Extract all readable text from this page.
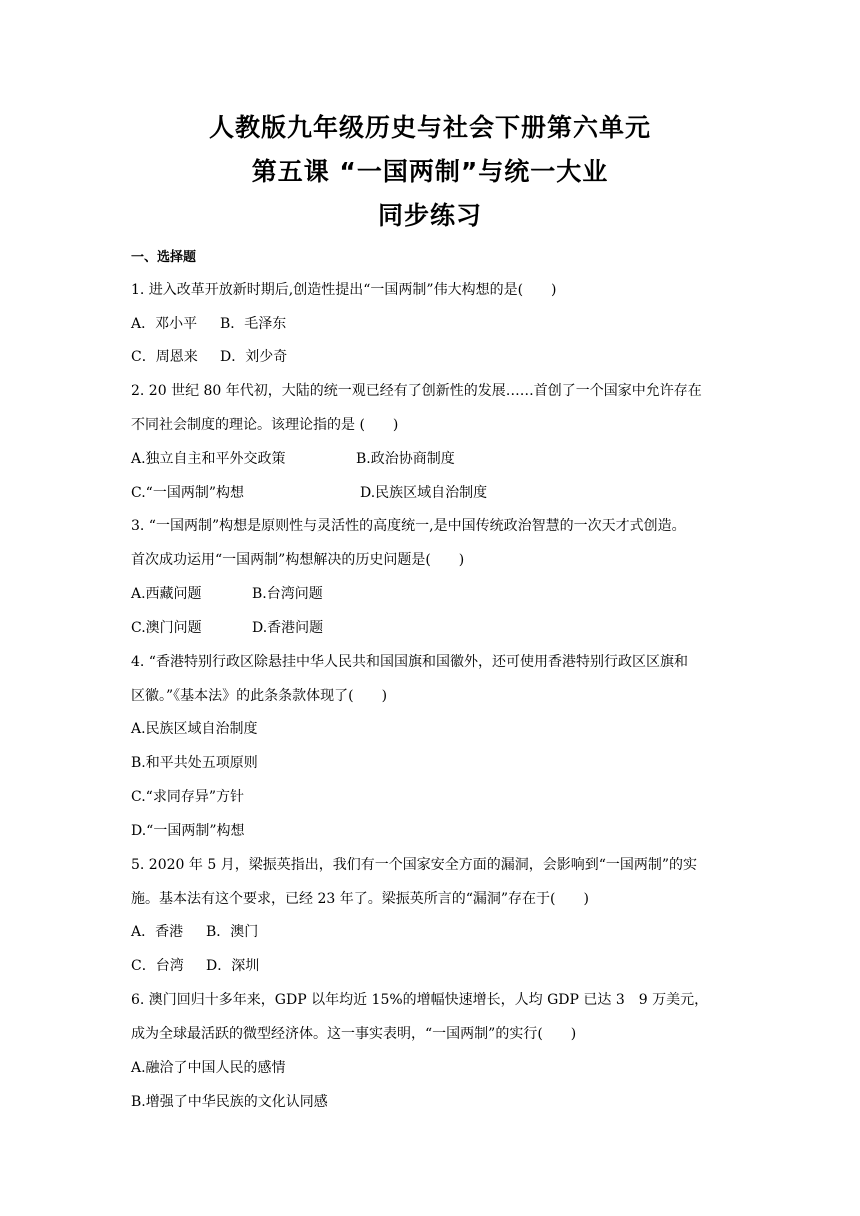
人教版九年级历史与社会下册第六单元
第五课 “一国两制”与统一大业
同步练习
一、选择题
1. 进入改革开放新时期后,创造性提出“一国两制”伟大构想的是(　　)
A．邓小平 B．毛泽东
C．周恩来 D．刘少奇
2. 20 世纪 80 年代初，大陆的统一观已经有了创新性的发展……首创了一个国家中允许存在
不同社会制度的理论。该理论指的是 (　　)
A.独立自主和平外交政策	B.政治协商制度
C.“一国两制”构想	D.民族区域自治制度
3. “一国两制”构想是原则性与灵活性的高度统一,是中国传统政治智慧的一次天才式创造。
首次成功运用“一国两制”构想解决的历史问题是(　　)
A.西藏问题	B.台湾问题
C.澳门问题	D.香港问题
4. “香港特别行政区除悬挂中华人民共和国国旗和国徽外，还可使用香港特别行政区区旗和
区徽。”《基本法》的此条条款体现了(　　)
A.民族区域自治制度
B.和平共处五项原则
C.“求同存异”方针
D.“一国两制”构想
5. 2020 年 5 月，梁振英指出，我们有一个国家安全方面的漏洞，会影响到“一国两制”的实
施。基本法有这个要求，已经 23 年了。梁振英所言的“漏洞”存在于(　　)
A．香港 B．澳门
C．台湾 D．深圳
6. 澳门回归十多年来，GDP 以年均近 15%的增幅快速增长，人均 GDP 已达 3　9 万美元，
成为全球最活跃的微型经济体。这一事实表明，“一国两制”的实行(　　)
A.融洽了中国人民的感情
B.增强了中华民族的文化认同感
